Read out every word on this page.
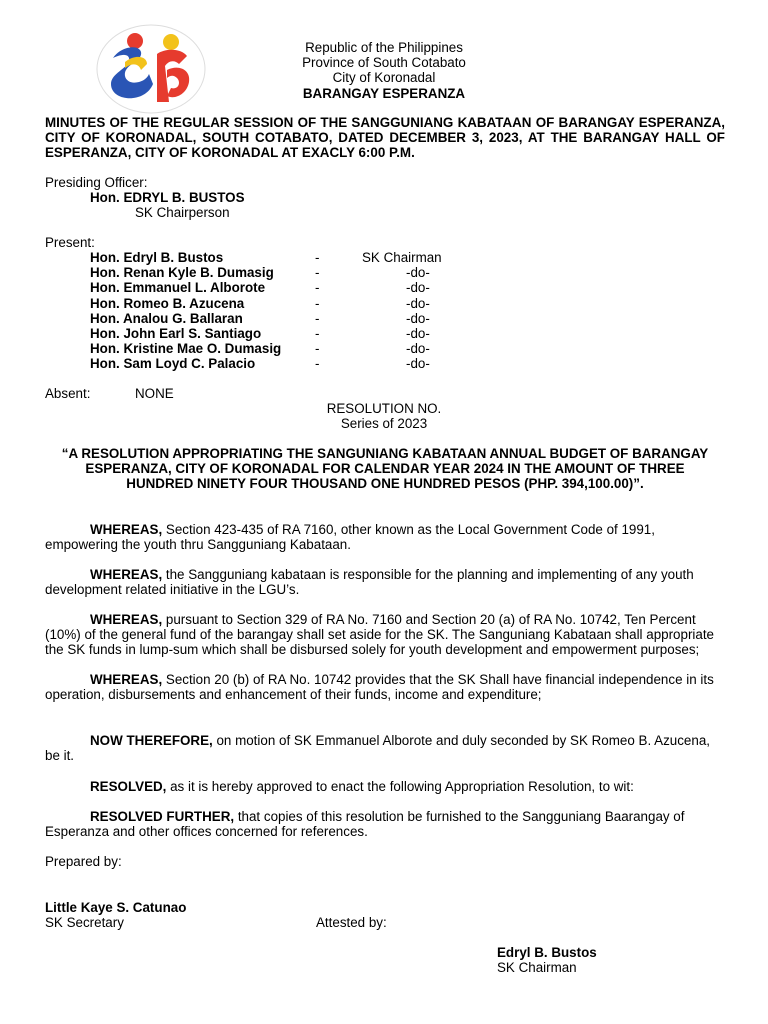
Republic of the Philippines
Province of South Cotabato
City of Koronadal
BARANGAY ESPERANZA
MINUTES OF THE REGULAR SESSION OF THE SANGGUNIANG KABATAAN OF BARANGAY ESPERANZA, CITY OF KORONADAL, SOUTH COTABATO, DATED DECEMBER 3, 2023, AT THE BARANGAY HALL OF ESPERANZA, CITY OF KORONADAL AT EXACLY 6:00 P.M.
Presiding Officer:
Hon. EDRYL B. BUSTOS
SK Chairperson
Present:
Hon. Edryl B. Bustos	-	SK Chairman
Hon. Renan Kyle B. Dumasig	-	-do-
Hon. Emmanuel L. Alborote	-	-do-
Hon. Romeo B. Azucena	-	-do-
Hon. Analou G. Ballaran	-	-do-
Hon. John Earl S. Santiago	-	-do-
Hon. Kristine Mae O. Dumasig	-	-do-
Hon. Sam Loyd C. Palacio	-	-do-
Absent:	NONE
RESOLUTION NO.
Series of 2023
“A RESOLUTION APPROPRIATING THE SANGUNIANG KABATAAN ANNUAL BUDGET OF BARANGAY ESPERANZA, CITY OF KORONADAL FOR CALENDAR YEAR 2024 IN THE AMOUNT OF THREE HUNDRED NINETY FOUR THOUSAND ONE HUNDRED PESOS (PHP. 394,100.00)”.
WHEREAS, Section 423-435 of RA 7160, other known as the Local Government Code of 1991, empowering the youth thru Sangguniang Kabataan.
WHEREAS, the Sangguniang kabataan is responsible for the planning and implementing of any youth development related initiative in the LGU’s.
WHEREAS, pursuant to Section 329 of RA No. 7160 and Section 20 (a) of RA No. 10742, Ten Percent (10%) of the general fund of the barangay shall set aside for the SK. The Sanguniang Kabataan shall appropriate the SK funds in lump-sum which shall be disbursed solely for youth development and empowerment purposes;
WHEREAS, Section 20 (b) of RA No. 10742 provides that the SK Shall have financial independence in its operation, disbursements and enhancement of their funds, income and expenditure;
NOW THEREFORE, on motion of SK Emmanuel Alborote and duly seconded by SK Romeo B. Azucena, be it.
RESOLVED, as it is hereby approved to enact the following Appropriation Resolution, to wit:
RESOLVED FURTHER, that copies of this resolution be furnished to the Sangguniang Baarangay of Esperanza and other offices concerned for references.
Prepared by:
Little Kaye S. Catunao
SK Secretary	Attested by:
Edryl B. Bustos
SK Chairman
